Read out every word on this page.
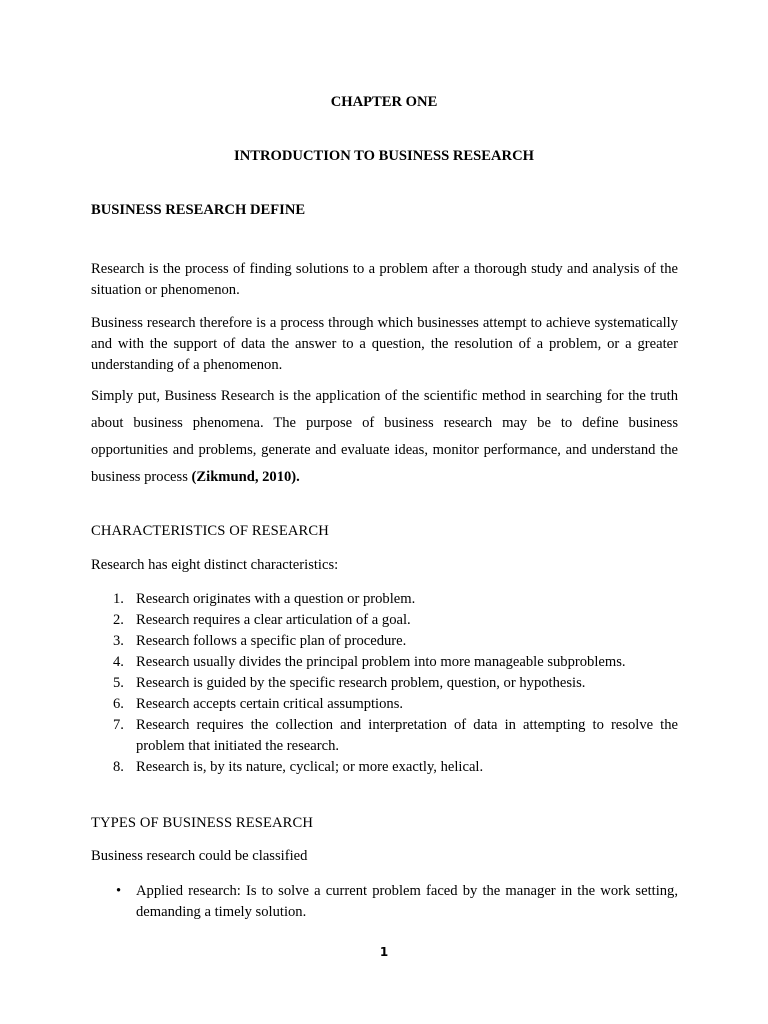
CHAPTER ONE

INTRODUCTION TO BUSINESS RESEARCH

BUSINESS RESEARCH DEFINE

Research is the process of finding solutions to a problem after a thorough study and analysis of the situation or phenomenon.

Business research therefore is a process through which businesses attempt to achieve systematically and with the support of data the answer to a question, the resolution of a problem, or a greater understanding of a phenomenon.

Simply put, Business Research is the application of the scientific method in searching for the truth
about business phenomena. The purpose of business research may be to define business
opportunities and problems, generate and evaluate ideas, monitor performance, and understand the
business process (Zikmund, 2010).

CHARACTERISTICS OF RESEARCH

Research has eight distinct characteristics:

1. Research originates with a question or problem.
2. Research requires a clear articulation of a goal.
3. Research follows a specific plan of procedure.
4. Research usually divides the principal problem into more manageable subproblems.
5. Research is guided by the specific research problem, question, or hypothesis.
6. Research accepts certain critical assumptions.
7. Research requires the collection and interpretation of data in attempting to resolve the problem that initiated the research.
8. Research is, by its nature, cyclical; or more exactly, helical.

TYPES OF BUSINESS RESEARCH

Business research could be classified

• Applied research: Is to solve a current problem faced by the manager in the work setting, demanding a timely solution.

1
